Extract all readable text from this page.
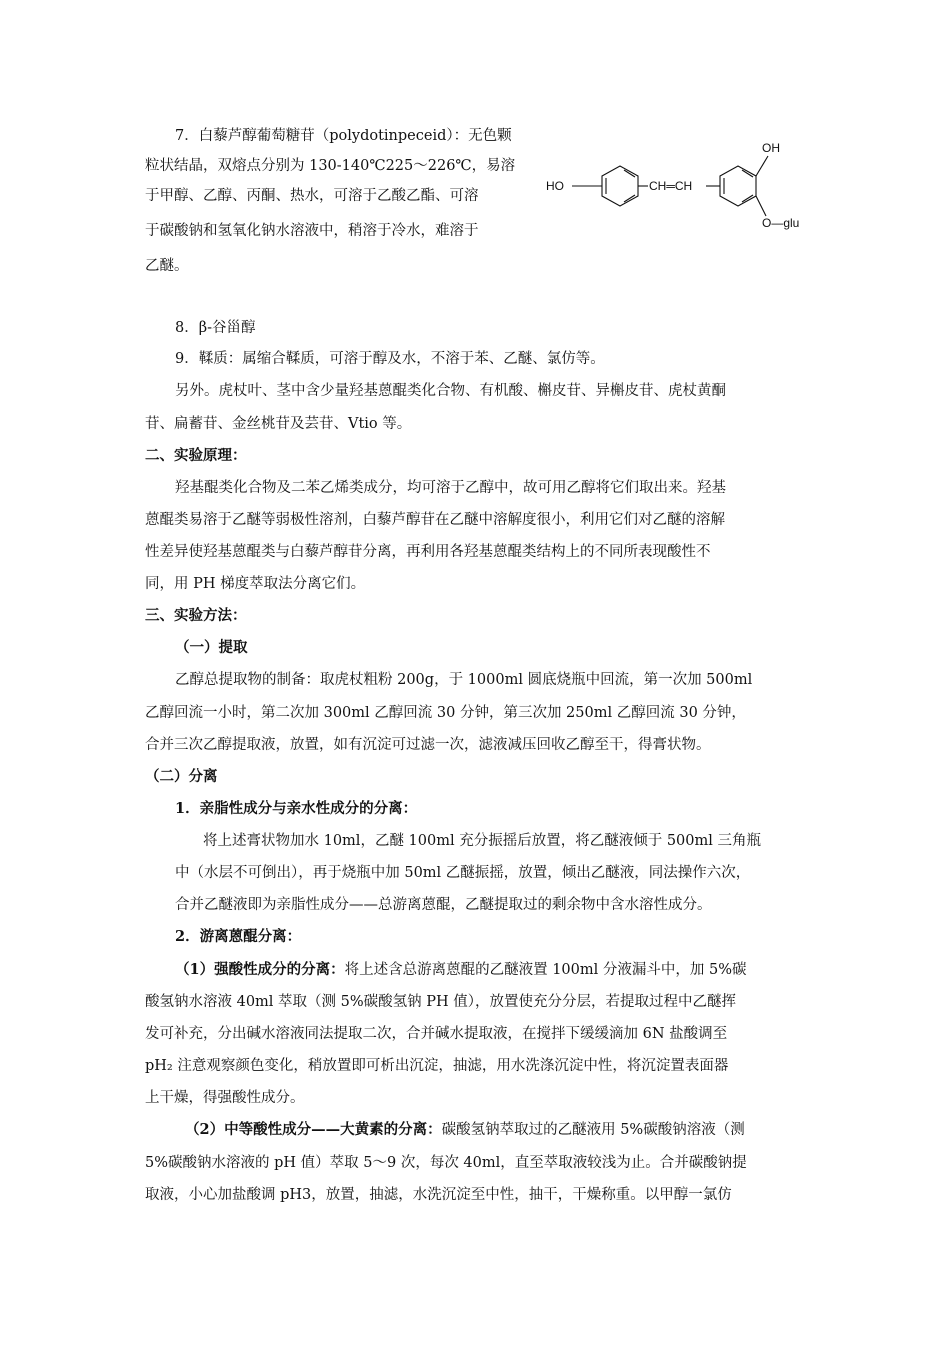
7．白藜芦醇葡萄糖苷（polydotinpeceid）：无色颗
粒状结晶，双熔点分别为 130-140℃225～226℃，易溶
于甲醇、乙醇、丙酮、热水，可溶于乙酸乙酯、可溶
于碳酸钠和氢氧化钠水溶液中，稍溶于冷水，难溶于
乙醚。
OH
HO	CH═CH
O—glu
8．β-谷甾醇
9．鞣质：属缩合鞣质，可溶于醇及水，不溶于苯、乙醚、氯仿等。
另外。虎杖叶、茎中含少量羟基蒽醌类化合物、有机酸、槲皮苷、异槲皮苷、虎杖黄酮
苷、扁蓄苷、金丝桃苷及芸苷、Vtio 等。
二、实验原理：
羟基醌类化合物及二苯乙烯类成分，均可溶于乙醇中，故可用乙醇将它们取出来。羟基
蒽醌类易溶于乙醚等弱极性溶剂，白藜芦醇苷在乙醚中溶解度很小，利用它们对乙醚的溶解
性差异使羟基蒽醌类与白藜芦醇苷分离，再利用各羟基蒽醌类结构上的不同所表现酸性不
同，用 PH 梯度萃取法分离它们。
三、实验方法：
（一）提取
乙醇总提取物的制备：取虎杖粗粉 200g，于 1000ml 圆底烧瓶中回流，第一次加 500ml
乙醇回流一小时，第二次加 300ml 乙醇回流 30 分钟，第三次加 250ml 乙醇回流 30 分钟，
合并三次乙醇提取液，放置，如有沉淀可过滤一次，滤液减压回收乙醇至干，得膏状物。
（二）分离
1．亲脂性成分与亲水性成分的分离：
将上述膏状物加水 10ml，乙醚 100ml 充分振摇后放置，将乙醚液倾于 500ml 三角瓶
中（水层不可倒出），再于烧瓶中加 50ml 乙醚振摇，放置，倾出乙醚液，同法操作六次，
合并乙醚液即为亲脂性成分——总游离蒽醌，乙醚提取过的剩余物中含水溶性成分。
2．游离蒽醌分离：
（1）强酸性成分的分离：将上述含总游离蒽醌的乙醚液置 100ml 分液漏斗中，加 5%碳
酸氢钠水溶液 40ml 萃取（测 5%碳酸氢钠 PH 值），放置使充分分层，若提取过程中乙醚挥
发可补充，分出碱水溶液同法提取二次，合并碱水提取液，在搅拌下缓缓滴加 6N 盐酸调至
pH₂ 注意观察颜色变化，稍放置即可析出沉淀，抽滤，用水洗涤沉淀中性，将沉淀置表面器
上干燥，得强酸性成分。
（2）中等酸性成分——大黄素的分离：碳酸氢钠萃取过的乙醚液用 5%碳酸钠溶液（测
5%碳酸钠水溶液的 pH 值）萃取 5～9 次，每次 40ml，直至萃取液较浅为止。合并碳酸钠提
取液，小心加盐酸调 pH3，放置，抽滤，水洗沉淀至中性，抽干，干燥称重。以甲醇一氯仿
